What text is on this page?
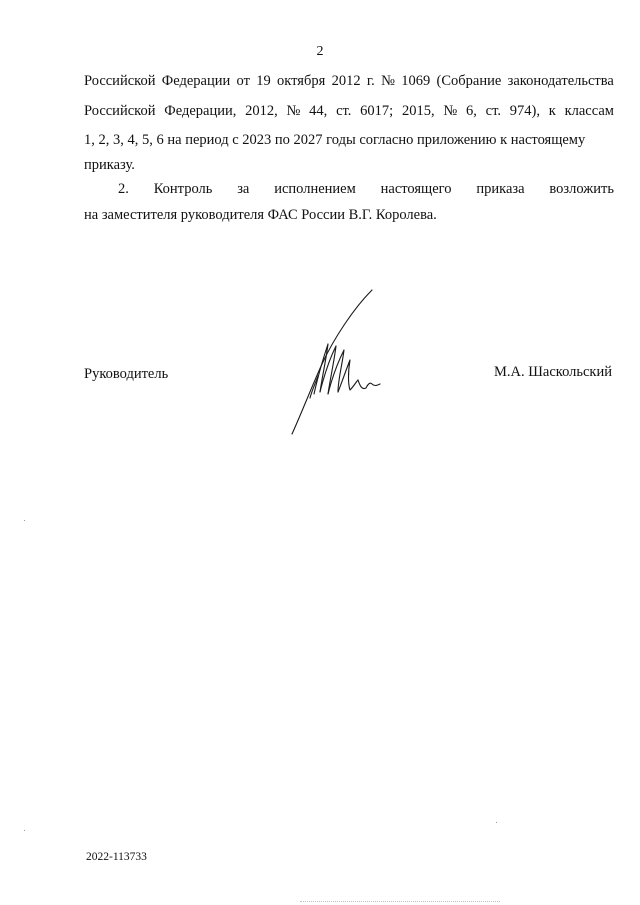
2
Российской Федерации от 19 октября 2012 г. № 1069 (Собрание законодательства
Российской Федерации, 2012, № 44, ст. 6017; 2015, № 6, ст. 974), к классам
1, 2, 3, 4, 5, 6 на период с 2023 по 2027 годы согласно приложению к настоящему
приказу.
2. Контроль за исполнением настоящего приказа возложить
на заместителя руководителя ФАС России В.Г. Королева.
Руководитель	М.А. Шаскольский
2022-113733
